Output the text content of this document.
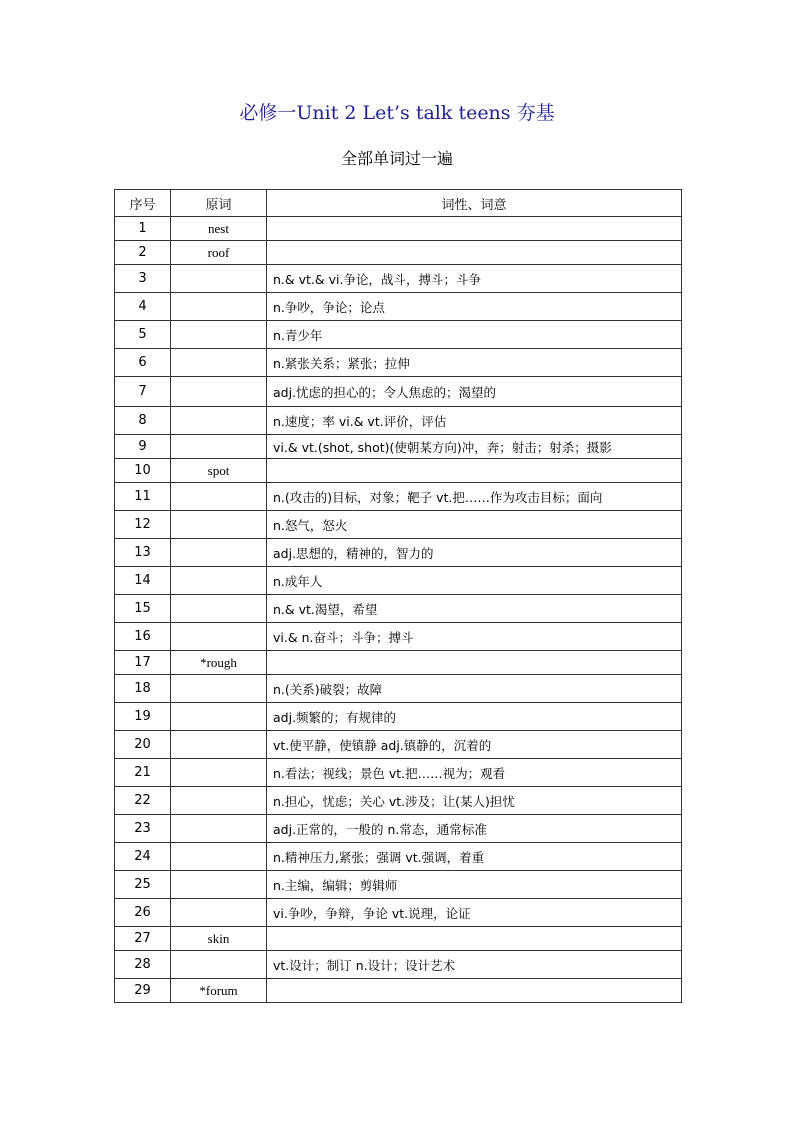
必修一Unit 2 Let’s talk teens 夯基
全部单词过一遍
序号	原词	词性、词意
1	nest	
2	roof	
3		n.& vt.& vi.争论，战斗，搏斗；斗争
4		n.争吵，争论；论点
5		n.青少年
6		n.紧张关系；紧张；拉伸
7		adj.忧虑的担心的；令人焦虑的；渴望的
8		n.速度；率 vi.& vt.评价，评估
9		vi.& vt.(shot, shot)(使朝某方向)冲，奔；射击；射杀；摄影
10	spot	
11		n.(攻击的)目标，对象；靶子 vt.把……作为攻击目标；面向
12		n.怒气，怒火
13		adj.思想的，精神的，智力的
14		n.成年人
15		n.& vt.渴望，希望
16		vi.& n.奋斗；斗争；搏斗
17	*rough	
18		n.(关系)破裂；故障
19		adj.频繁的；有规律的
20		vt.使平静，使镇静 adj.镇静的，沉着的
21		n.看法；视线；景色 vt.把……视为；观看
22		n.担心，忧虑；关心 vt.涉及；让(某人)担忧
23		adj.正常的，一般的 n.常态，通常标准
24		n.精神压力,紧张；强调 vt.强调，着重
25		n.主编，编辑；剪辑师
26		vi.争吵，争辩，争论 vt.说理，论证
27	skin	
28		vt.设计；制订 n.设计；设计艺术
29	*forum	
